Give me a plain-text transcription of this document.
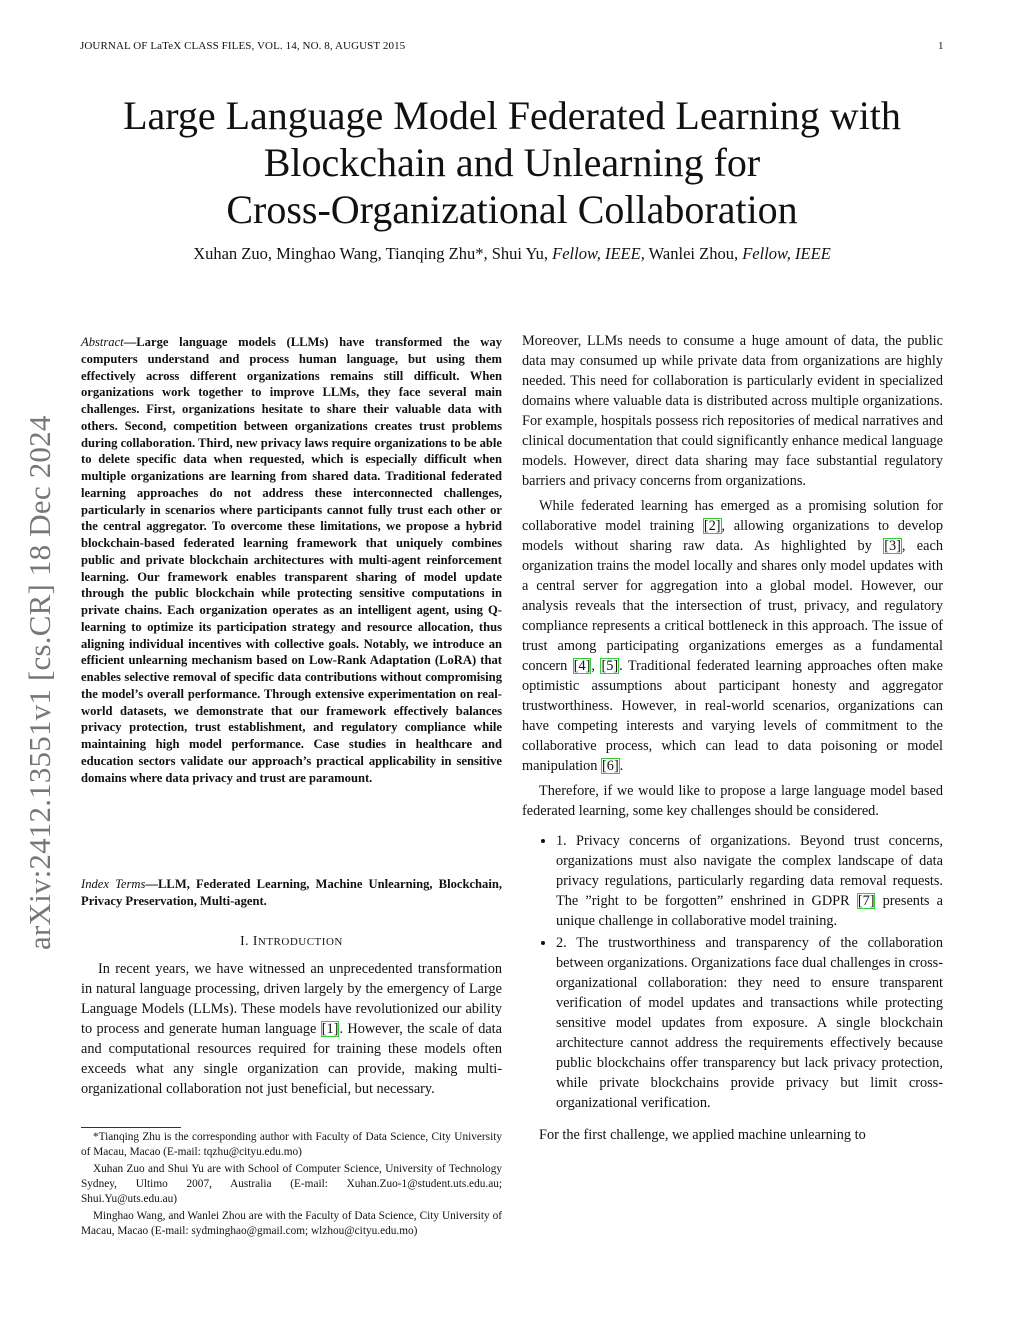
JOURNAL OF LaTeX CLASS FILES, VOL. 14, NO. 8, AUGUST 2015	1
Large Language Model Federated Learning with
Blockchain and Unlearning for
Cross-Organizational Collaboration
Xuhan Zuo, Minghao Wang, Tianqing Zhu*, Shui Yu, Fellow, IEEE, Wanlei Zhou, Fellow, IEEE
arXiv:2412.13551v1 [cs.CR] 18 Dec 2024
Abstract—Large language models (LLMs) have transformed the way computers understand and process human language, but using them effectively across different organizations remains still difficult. When organizations work together to improve LLMs, they face several main challenges. First, organizations hesitate to share their valuable data with others. Second, competition between organizations creates trust problems during collaboration. Third, new privacy laws require organizations to be able to delete specific data when requested, which is especially difficult when multiple organizations are learning from shared data. Traditional federated learning approaches do not address these interconnected challenges, particularly in scenarios where participants cannot fully trust each other or the central aggregator. To overcome these limitations, we propose a hybrid blockchain-based federated learning framework that uniquely combines public and private blockchain architectures with multi-agent reinforcement learning. Our framework enables transparent sharing of model update through the public blockchain while protecting sensitive computations in private chains. Each organization operates as an intelligent agent, using Q-learning to optimize its participation strategy and resource allocation, thus aligning individual incentives with collective goals. Notably, we introduce an efficient unlearning mechanism based on Low-Rank Adaptation (LoRA) that enables selective removal of specific data contributions without compromising the model’s overall performance. Through extensive experimentation on real-world datasets, we demonstrate that our framework effectively balances privacy protection, trust establishment, and regulatory compliance while maintaining high model performance. Case studies in healthcare and education sectors validate our approach’s practical applicability in sensitive domains where data privacy and trust are paramount.
Index Terms—LLM, Federated Learning, Machine Unlearning, Blockchain, Privacy Preservation, Multi-agent.
I. INTRODUCTION

In recent years, we have witnessed an unprecedented transformation in natural language processing, driven largely by the emergency of Large Language Models (LLMs). These models have revolutionized our ability to process and generate human language [1]. However, the scale of data and computational resources required for training these models often exceeds what any single organization can provide, making multi-organizational collaboration not just beneficial, but necessary.

*Tianqing Zhu is the corresponding author with Faculty of Data Science, City University of Macau, Macao (E-mail: tqzhu@cityu.edu.mo)

Xuhan Zuo and Shui Yu are with School of Computer Science, University of Technology Sydney, Ultimo 2007, Australia (E-mail: Xuhan.Zuo-1@student.uts.edu.au; Shui.Yu@uts.edu.au)

Minghao Wang, and Wanlei Zhou are with the Faculty of Data Science, City University of Macau, Macao (E-mail: sydminghao@gmail.com; wlzhou@cityu.edu.mo)

Moreover, LLMs needs to consume a huge amount of data, the public data may consumed up while private data from organizations are highly needed. This need for collaboration is particularly evident in specialized domains where valuable data is distributed across multiple organizations. For example, hospitals possess rich repositories of medical narratives and clinical documentation that could significantly enhance medical language models. However, direct data sharing may face substantial regulatory barriers and privacy concerns from organizations.

While federated learning has emerged as a promising solution for collaborative model training [2], allowing organizations to develop models without sharing raw data. As highlighted by [3], each organization trains the model locally and shares only model updates with a central server for aggregation into a global model. However, our analysis reveals that the intersection of trust, privacy, and regulatory compliance represents a critical bottleneck in this approach. The issue of trust among participating organizations emerges as a fundamental concern [4], [5]. Traditional federated learning approaches often make optimistic assumptions about participant honesty and aggregator trustworthiness. However, in real-world scenarios, organizations can have competing interests and varying levels of commitment to the collaborative process, which can lead to data poisoning or model manipulation [6].

Therefore, if we would like to propose a large language model based federated learning, some key challenges should be considered.

• 1. Privacy concerns of organizations. Beyond trust concerns, organizations must also navigate the complex landscape of data privacy regulations, particularly regarding data removal requests. The ”right to be forgotten” enshrined in GDPR [7] presents a unique challenge in collaborative model training.
• 2. The trustworthiness and transparency of the collaboration between organizations. Organizations face dual challenges in cross-organizational collaboration: they need to ensure transparent verification of model updates and transactions while protecting sensitive model updates from exposure. A single blockchain architecture cannot address the requirements effectively because public blockchains offer transparency but lack privacy protection, while private blockchains provide privacy but limit cross-organizational verification.

For the first challenge, we applied machine unlearning to
